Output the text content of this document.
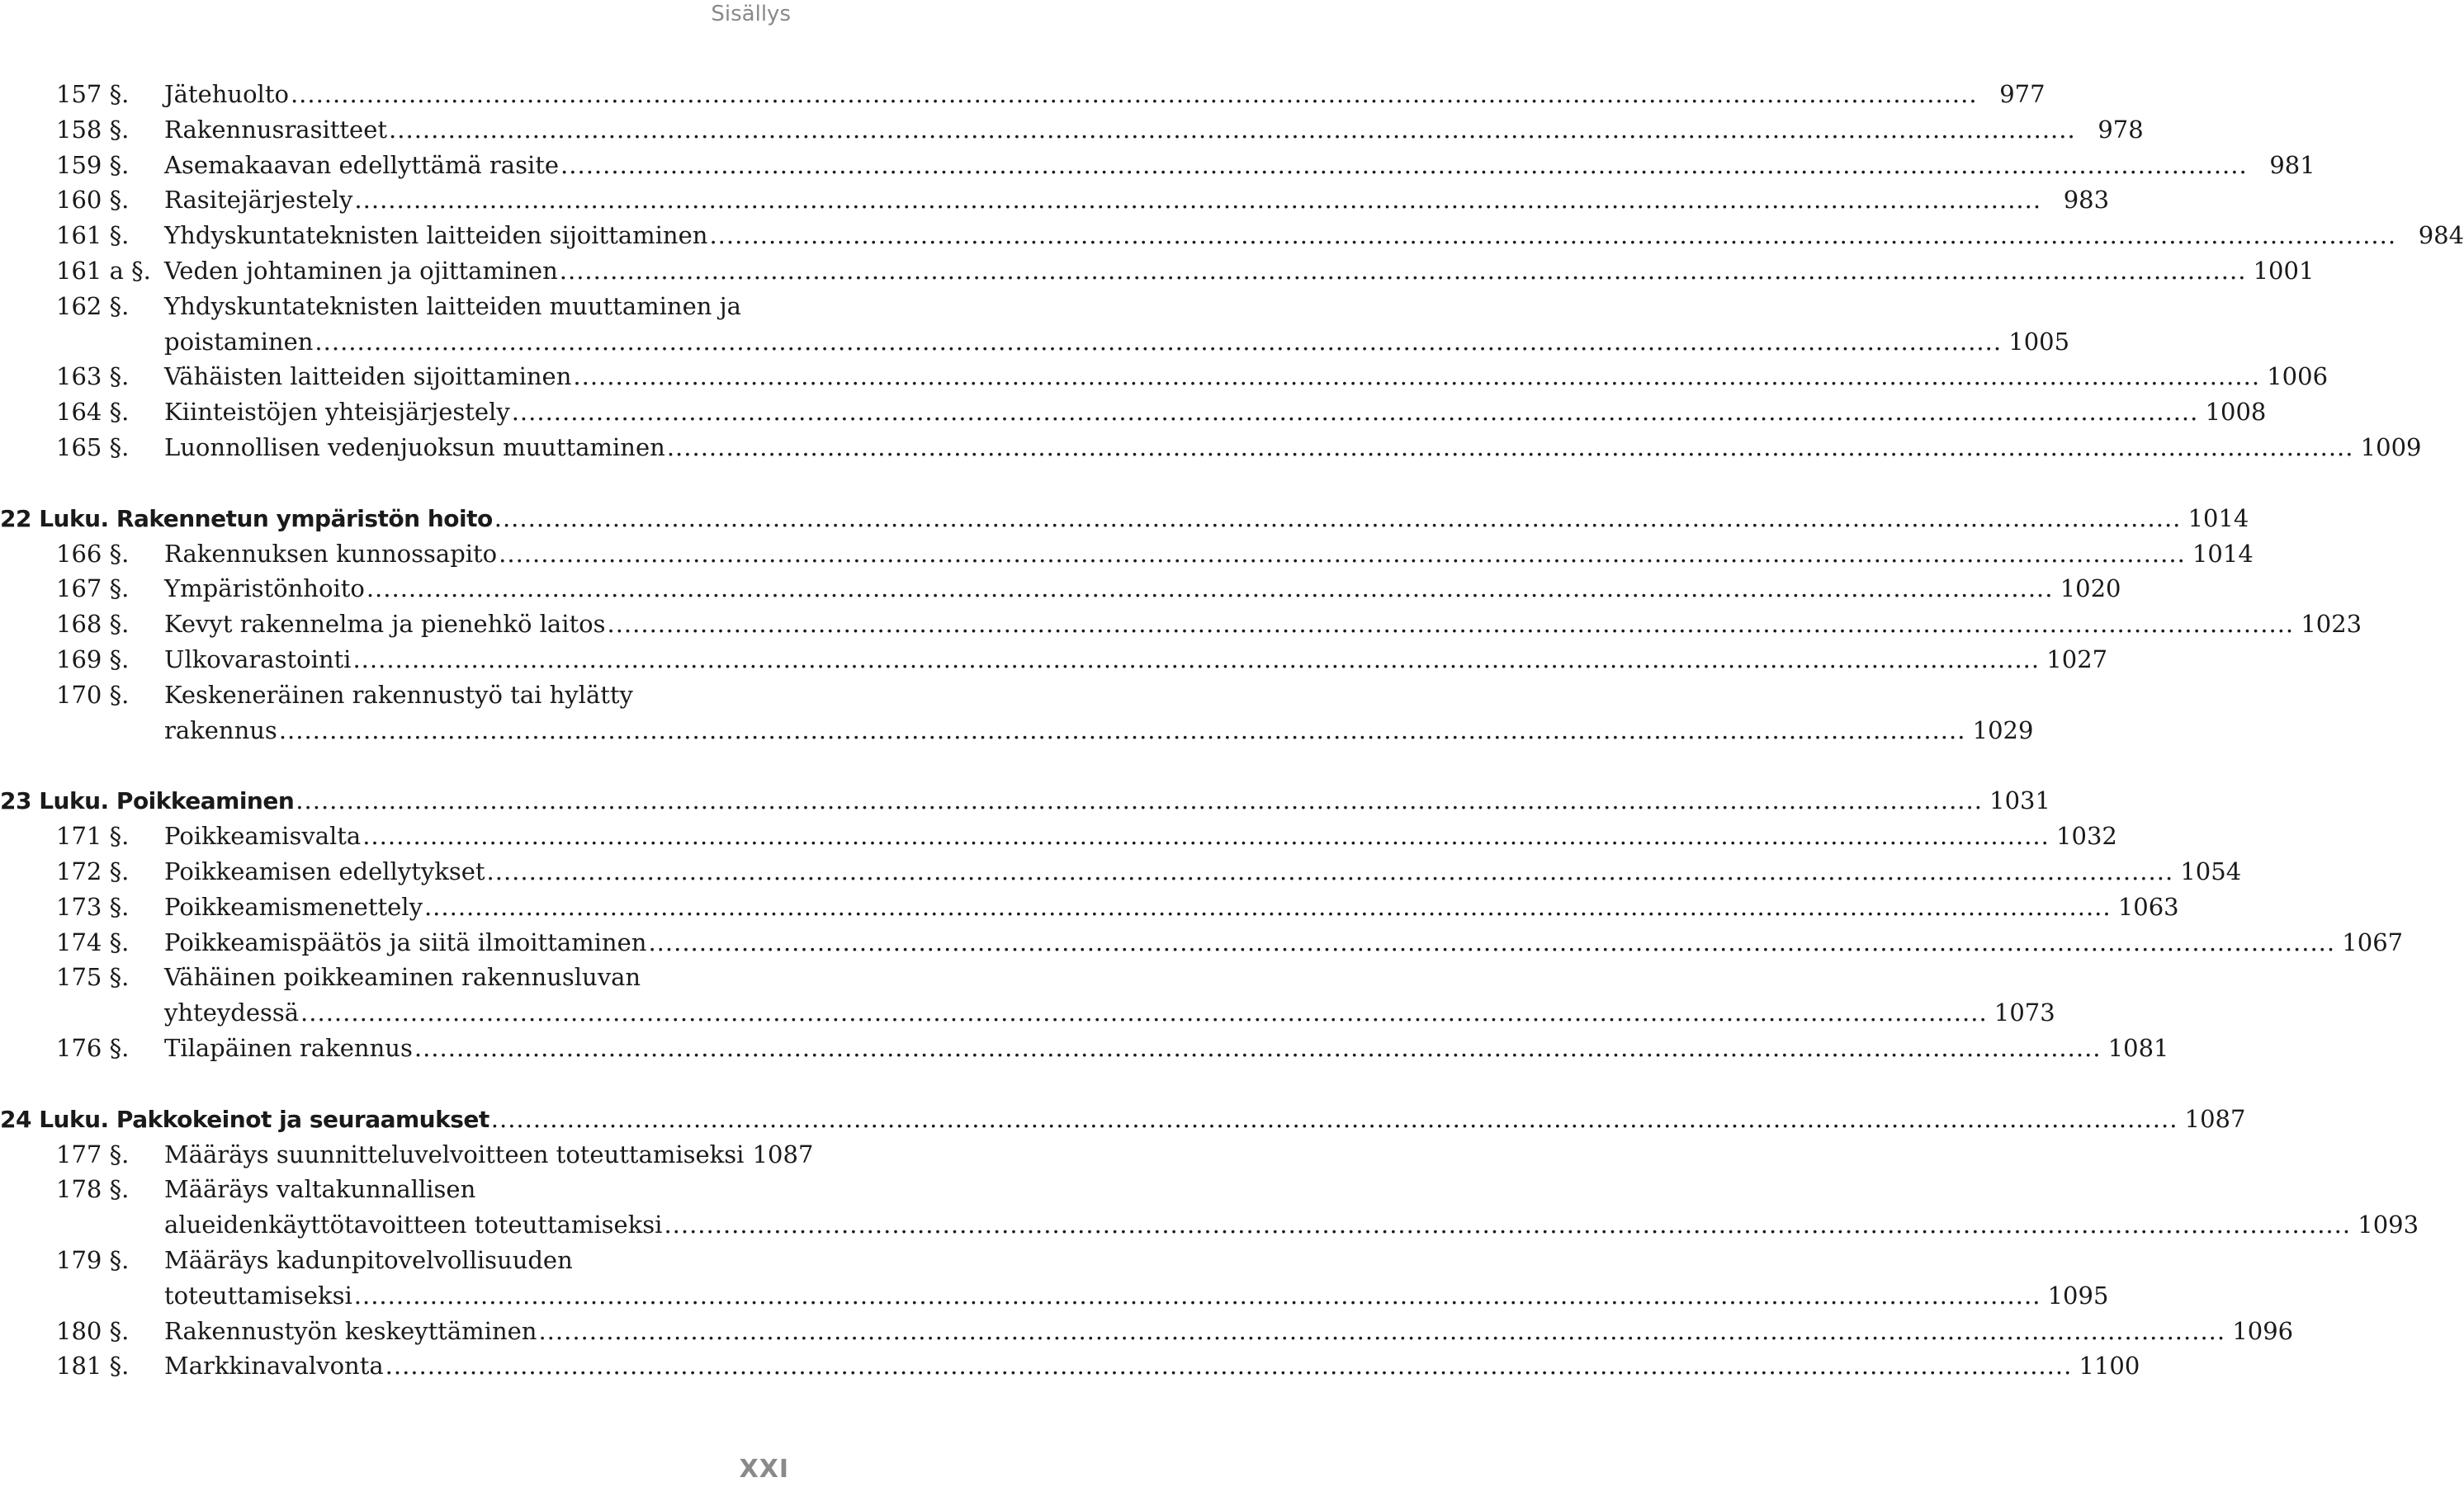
Sisällys
157 §. Jätehuolto .....	977
158 §. Rakennusrasitteet .....	978
159 §. Asemakaavan edellyttämä rasite .....	981
160 §. Rasitejärjestely .....	983
161 §. Yhdyskuntateknisten laitteiden sijoittaminen .....	984
161 a §. Veden johtaminen ja ojittaminen .....	1001
162 §. Yhdyskuntateknisten laitteiden muuttaminen ja
poistaminen .....	1005
163 §. Vähäisten laitteiden sijoittaminen .....	1006
164 §. Kiinteistöjen yhteisjärjestely .....	1008
165 §. Luonnollisen vedenjuoksun muuttaminen .....	1009
22 Luku. Rakennetun ympäristön hoito .....	1014
166 §. Rakennuksen kunnossapito .....	1014
167 §. Ympäristönhoito .....	1020
168 §. Kevyt rakennelma ja pienehkö laitos .....	1023
169 §. Ulkovarastointi .....	1027
170 §. Keskeneräinen rakennustyö tai hylätty
rakennus .....	1029
23 Luku. Poikkeaminen .....	1031
171 §. Poikkeamisvalta .....	1032
172 §. Poikkeamisen edellytykset .....	1054
173 §. Poikkeamismenettely .....	1063
174 §. Poikkeamispäätös ja siitä ilmoittaminen .....	1067
175 §. Vähäinen poikkeaminen rakennusluvan
yhteydessä .....	1073
176 §. Tilapäinen rakennus .....	1081
24 Luku. Pakkokeinot ja seuraamukset .....	1087
177 §. Määräys suunnitteluvelvoitteen toteuttamiseksi 1087
178 §. Määräys valtakunnallisen
alueidenkäyttötavoitteen toteuttamiseksi .....	1093
179 §. Määräys kadunpitovelvollisuuden
toteuttamiseksi .....	1095
180 §. Rakennustyön keskeyttäminen .....	1096
181 §. Markkinavalvonta .....	1100
XXI
